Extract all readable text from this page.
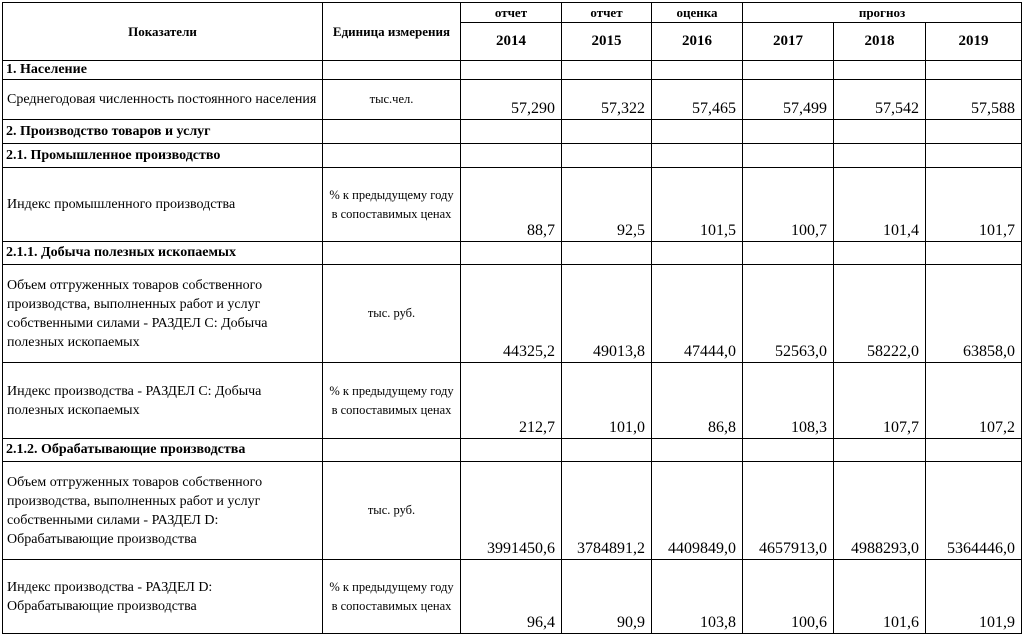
Показатели	Единица измерения	отчет	отчет	оценка	прогноз		
		2014	2015	2016	2017	2018	2019
1. Население							
Среднегодовая численность постоянного населения	тыс.чел.	57,290	57,322	57,465	57,499	57,542	57,588
2. Производство товаров и услуг							
2.1. Промышленное производство							
Индекс промышленного производства	% к предыдущему году в сопоставимых ценах	88,7	92,5	101,5	100,7	101,4	101,7
2.1.1. Добыча полезных ископаемых							
Объем отгруженных товаров собственного производства, выполненных работ и услуг собственными силами - РАЗДЕЛ С: Добыча полезных ископаемых	тыс. руб.	44325,2	49013,8	47444,0	52563,0	58222,0	63858,0
Индекс производства - РАЗДЕЛ С: Добыча полезных ископаемых	% к предыдущему году в сопоставимых ценах	212,7	101,0	86,8	108,3	107,7	107,2
2.1.2. Обрабатывающие производства							
Объем отгруженных товаров собственного производства, выполненных работ и услуг собственными силами - РАЗДЕЛ D: Обрабатывающие производства	тыс. руб.	3991450,6	3784891,2	4409849,0	4657913,0	4988293,0	5364446,0
Индекс производства - РАЗДЕЛ D: Обрабатывающие производства	% к предыдущему году в сопоставимых ценах	96,4	90,9	103,8	100,6	101,6	101,9
